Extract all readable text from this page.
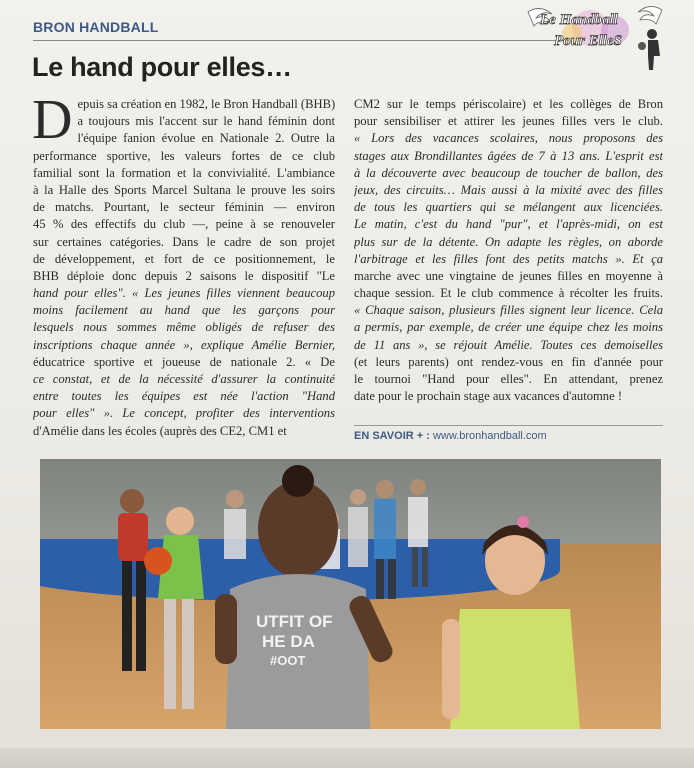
BRON HANDBALL	Le Handball
Pour ElleS
Le hand pour elles…
D epuis sa création en 1982, le Bron Handball (BHB)
a toujours mis l'accent sur le hand féminin dont
l'équipe fanion évolue en Nationale 2. Outre la
performance sportive, les valeurs fortes de ce club
familial sont la formation et la convivialité. L'ambiance
à la Halle des Sports Marcel Sultana le prouve les soirs
de matchs. Pourtant, le secteur féminin — environ
45 % des effectifs du club —, peine à se renouveler
sur certaines catégories. Dans le cadre de son projet
de développement, et fort de ce positionnement, le
BHB déploie donc depuis 2 saisons le dispositif "Le
hand pour elles". « Les jeunes filles viennent beaucoup
moins facilement au hand que les garçons pour
lesquels nous sommes même obligés de refuser des
inscriptions chaque année », explique Amélie Bernier,
éducatrice sportive et joueuse de nationale 2. « De
ce constat, et de la nécessité d'assurer la continuité
entre toutes les équipes est née l'action "Hand
pour elles" ». Le concept, profiter des interventions
d'Amélie dans les écoles (auprès des CE2, CM1 et
CM2 sur le temps périscolaire) et les collèges de Bron
pour sensibiliser et attirer les jeunes filles vers le club.
« Lors des vacances scolaires, nous proposons des
stages aux Brondillantes âgées de 7 à 13 ans. L'esprit est
à la découverte avec beaucoup de toucher de ballon, des
jeux, des circuits… Mais aussi à la mixité avec des filles
de tous les quartiers qui se mélangent aux licenciées.
Le matin, c'est du hand "pur", et l'après-midi, on est
plus sur de la détente. On adapte les règles, on aborde
l'arbitrage et les filles font des petits matchs ». Et ça
marche avec une vingtaine de jeunes filles en moyenne à
chaque session. Et le club commence à récolter les fruits.
« Chaque saison, plusieurs filles signent leur licence. Cela
a permis, par exemple, de créer une équipe chez les moins
de 11 ans », se réjouit Amélie. Toutes ces demoiselles
(et leurs parents) ont rendez-vous en fin d'année pour
le tournoi "Hand pour elles". En attendant, prenez
date pour le prochain stage aux vacances d'automne !
EN SAVOIR + : www.bronhandball.com
UTFIT OF
HE DA
#OOT
